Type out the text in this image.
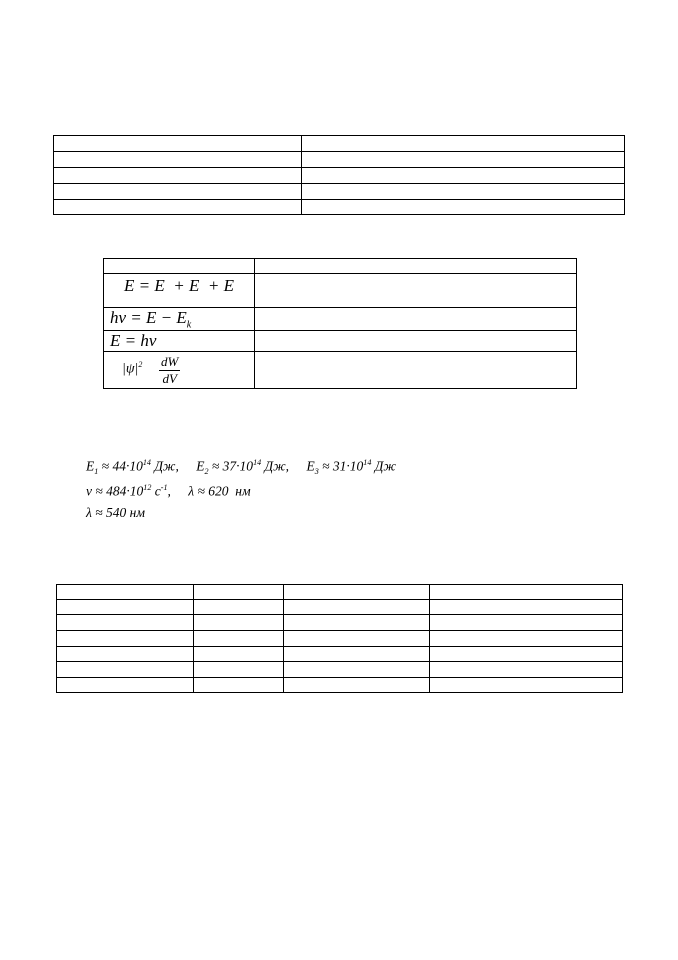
E = E  + E  + E	

$h\nu = E - E_k$

E = hν	

$|\psi|^2$ dW
dV	

$E_1 \approx 44\cdot 10^{14}$ Дж, $E_2 \approx 37\cdot 10^{14}$ Дж, $E_3 \approx 31\cdot 10^{14}$ Дж
$\nu \approx 484\cdot 10^{12}$ $с^{-1}$, λ ≈ 620  нм
λ ≈ 540 нм
